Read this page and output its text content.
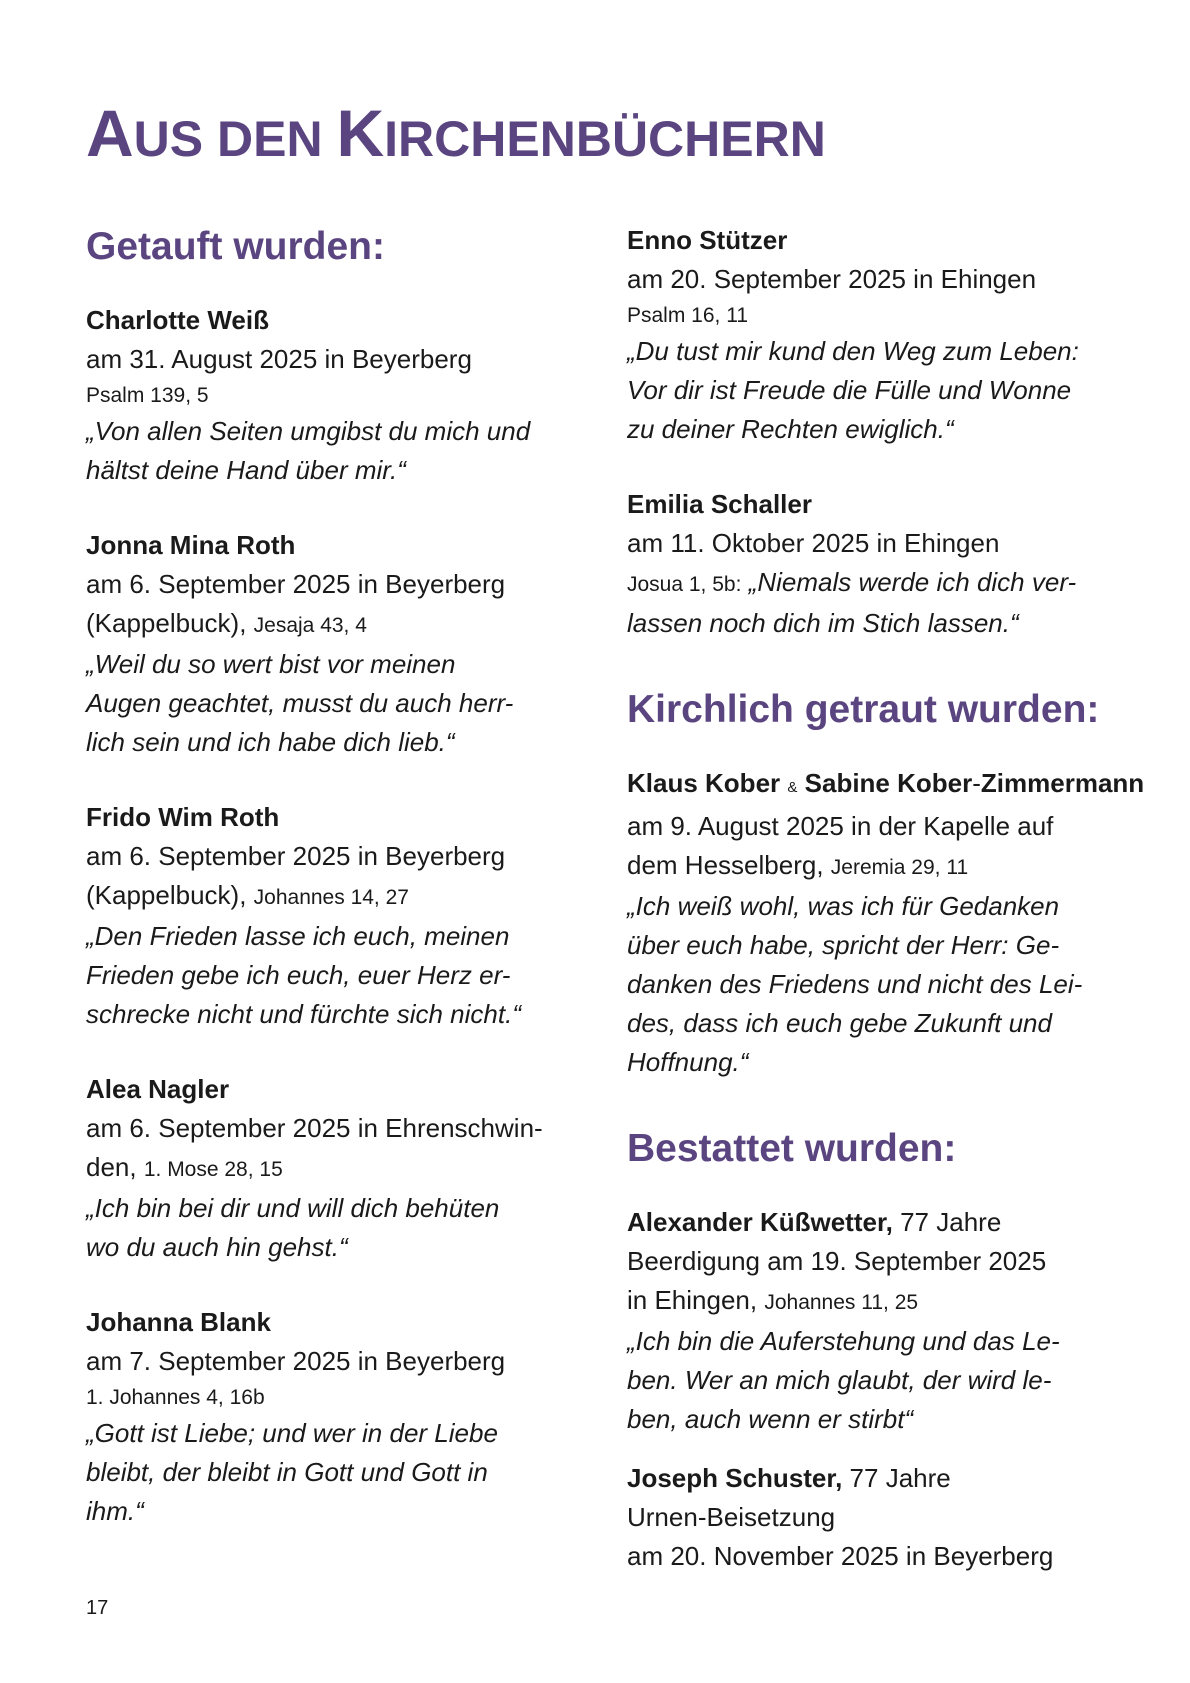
AUS DEN KIRCHENBÜCHERN
Getauft wurden:
Charlotte Weiß
am 31. August 2025 in Beyerberg
Psalm 139, 5
„Von allen Seiten umgibst du mich und
hältst deine Hand über mir.“
Jonna Mina Roth
am 6. September 2025 in Beyerberg
(Kappelbuck), Jesaja 43, 4
„Weil du so wert bist vor meinen
Augen geachtet, musst du auch herr-
lich sein und ich habe dich lieb.“
Frido Wim Roth
am 6. September 2025 in Beyerberg
(Kappelbuck), Johannes 14, 27
„Den Frieden lasse ich euch, meinen
Frieden gebe ich euch, euer Herz er-
schrecke nicht und fürchte sich nicht.“
Alea Nagler
am 6. September 2025 in Ehrenschwin-
den, 1. Mose 28, 15
„Ich bin bei dir und will dich behüten
wo du auch hin gehst.“
Johanna Blank
am 7. September 2025 in Beyerberg
1. Johannes 4, 16b
„Gott ist Liebe; und wer in der Liebe
bleibt, der bleibt in Gott und Gott in
ihm.“
Enno Stützer
am 20. September 2025 in Ehingen
Psalm 16, 11
„Du tust mir kund den Weg zum Leben:
Vor dir ist Freude die Fülle und Wonne
zu deiner Rechten ewiglich.“
Emilia Schaller
am 11. Oktober 2025 in Ehingen
Josua 1, 5b: „Niemals werde ich dich ver-
lassen noch dich im Stich lassen.“
Kirchlich getraut wurden:
Klaus Kober & Sabine Kober-Zimmermann
am 9. August 2025 in der Kapelle auf
dem Hesselberg, Jeremia 29, 11
„Ich weiß wohl, was ich für Gedanken
über euch habe, spricht der Herr: Ge-
danken des Friedens und nicht des Lei-
des, dass ich euch gebe Zukunft und
Hoffnung.“
Bestattet wurden:
Alexander Küßwetter, 77 Jahre
Beerdigung am 19. September 2025
in Ehingen, Johannes 11, 25
„Ich bin die Auferstehung und das Le-
ben. Wer an mich glaubt, der wird le-
ben, auch wenn er stirbt“
Joseph Schuster, 77 Jahre
Urnen-Beisetzung
am 20. November 2025 in Beyerberg
17
